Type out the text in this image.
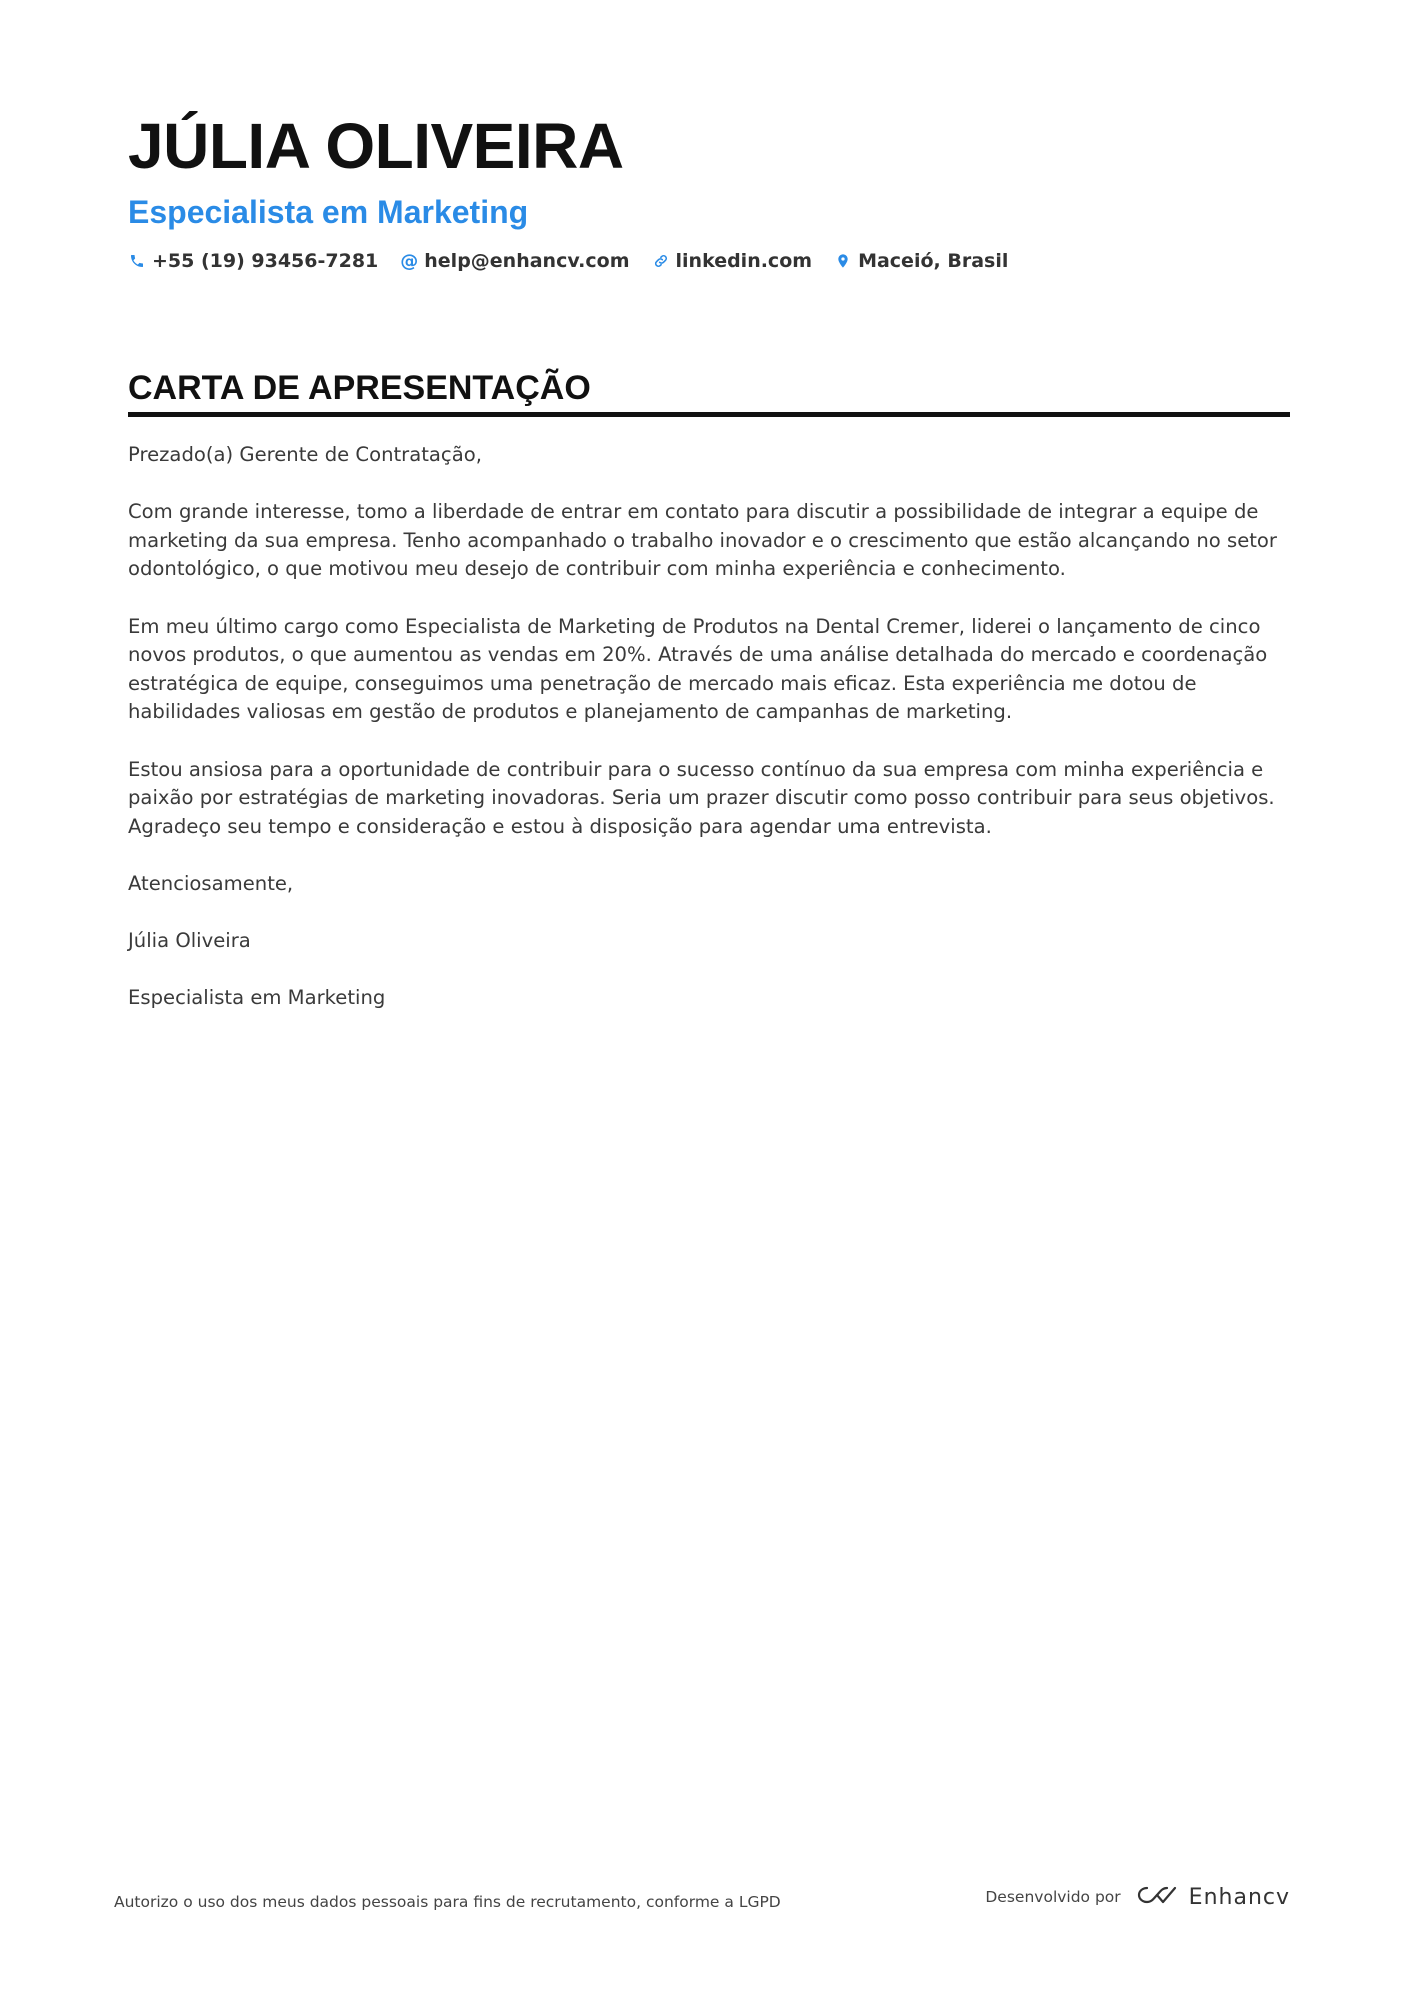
JÚLIA OLIVEIRA
Especialista em Marketing
+55 (19) 93456-7281 @ help@enhancv.com linkedin.com Maceió, Brasil
CARTA DE APRESENTAÇÃO

Prezado(a) Gerente de Contratação,

Com grande interesse, tomo a liberdade de entrar em contato para discutir a possibilidade de integrar a equipe de marketing da sua empresa. Tenho acompanhado o trabalho inovador e o crescimento que estão alcançando no setor odontológico, o que motivou meu desejo de contribuir com minha experiência e conhecimento.

Em meu último cargo como Especialista de Marketing de Produtos na Dental Cremer, liderei o lançamento de cinco novos produtos, o que aumentou as vendas em 20%. Através de uma análise detalhada do mercado e coordenação estratégica de equipe, conseguimos uma penetração de mercado mais eficaz. Esta experiência me dotou de habilidades valiosas em gestão de produtos e planejamento de campanhas de marketing.

Estou ansiosa para a oportunidade de contribuir para o sucesso contínuo da sua empresa com minha experiência e paixão por estratégias de marketing inovadoras. Seria um prazer discutir como posso contribuir para seus objetivos. Agradeço seu tempo e consideração e estou à disposição para agendar uma entrevista.

Atenciosamente,

Júlia Oliveira

Especialista em Marketing

Autorizo o uso dos meus dados pessoais para fins de recrutamento, conforme a LGPD	Desenvolvido por	Enhancv
